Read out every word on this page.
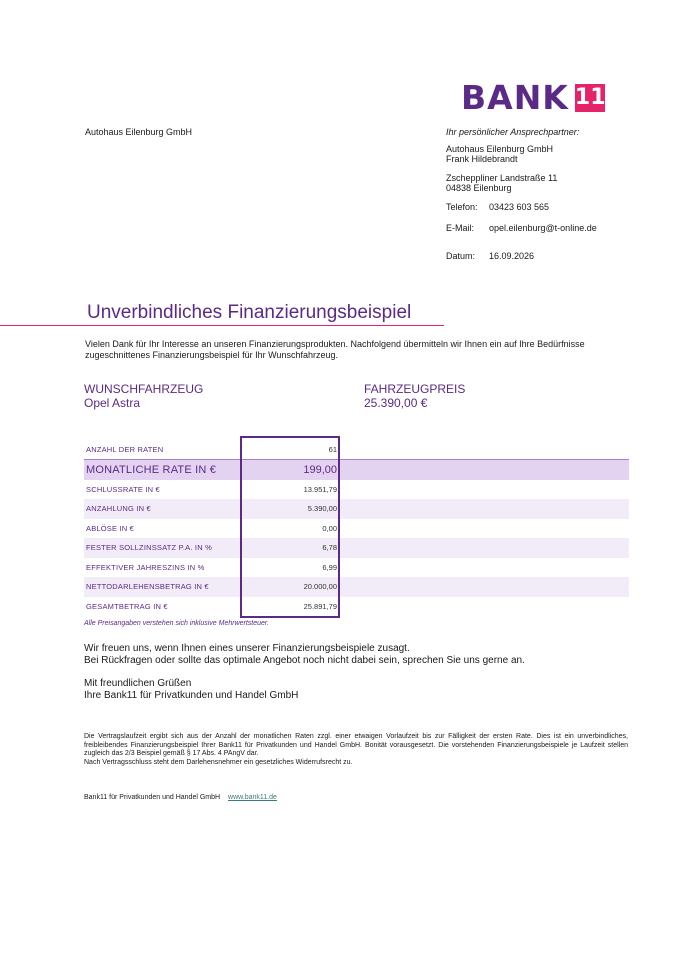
BANK 11
Autohaus Eilenburg GmbH	Ihr persönlicher Ansprechpartner:
Autohaus Eilenburg GmbH
Frank Hildebrandt
Zscheppliner Landstraße 11
04838 Eilenburg
Telefon: 03423 603 565
E-Mail: opel.eilenburg@t-online.de
Datum: 16.09.2026
Unverbindliches Finanzierungsbeispiel
Vielen Dank für Ihr Interesse an unseren Finanzierungsprodukten. Nachfolgend übermitteln wir Ihnen ein auf Ihre Bedürfnisse zugeschnittenes Finanzierungsbeispiel für Ihr Wunschfahrzeug.
WUNSCHFAHRZEUG
Opel Astra
FAHRZEUGPREIS
25.390,00 €
ANZAHL DER RATEN	61	
MONATLICHE RATE IN €	199,00	
SCHLUSSRATE IN €	13.951,79	
ANZAHLUNG IN €	5.390,00	
ABLÖSE IN €	0,00	
FESTER SOLLZINSSATZ P.A. IN %	6,78	
EFFEKTIVER JAHRESZINS IN %	6,99	
NETTODARLEHENSBETRAG IN €	20.000,00	
GESAMTBETRAG IN €	25.891,79	
Alle Preisangaben verstehen sich inklusive Mehrwertsteuer.
Wir freuen uns, wenn Ihnen eines unserer Finanzierungsbeispiele zusagt.
Bei Rückfragen oder sollte das optimale Angebot noch nicht dabei sein, sprechen Sie uns gerne an.
Mit freundlichen Grüßen
Ihre Bank11 für Privatkunden und Handel GmbH
Die Vertragslaufzeit ergibt sich aus der Anzahl der monatlichen Raten zzgl. einer etwaigen Vorlaufzeit bis zur Fälligkeit der ersten Rate. Dies ist ein unverbindliches, freibleibendes Finanzierungsbeispiel Ihrer Bank11 für Privatkunden und Handel GmbH. Bonität vorausgesetzt. Die vorstehenden Finanzierungsbeispiele je Laufzeit stellen zugleich das 2/3 Beispiel gemäß § 17 Abs. 4 PAngV dar.
Nach Vertragsschluss steht dem Darlehensnehmer ein gesetzliches Widerrufsrecht zu.
Bank11 für Privatkunden und Handel GmbH www.bank11.de
